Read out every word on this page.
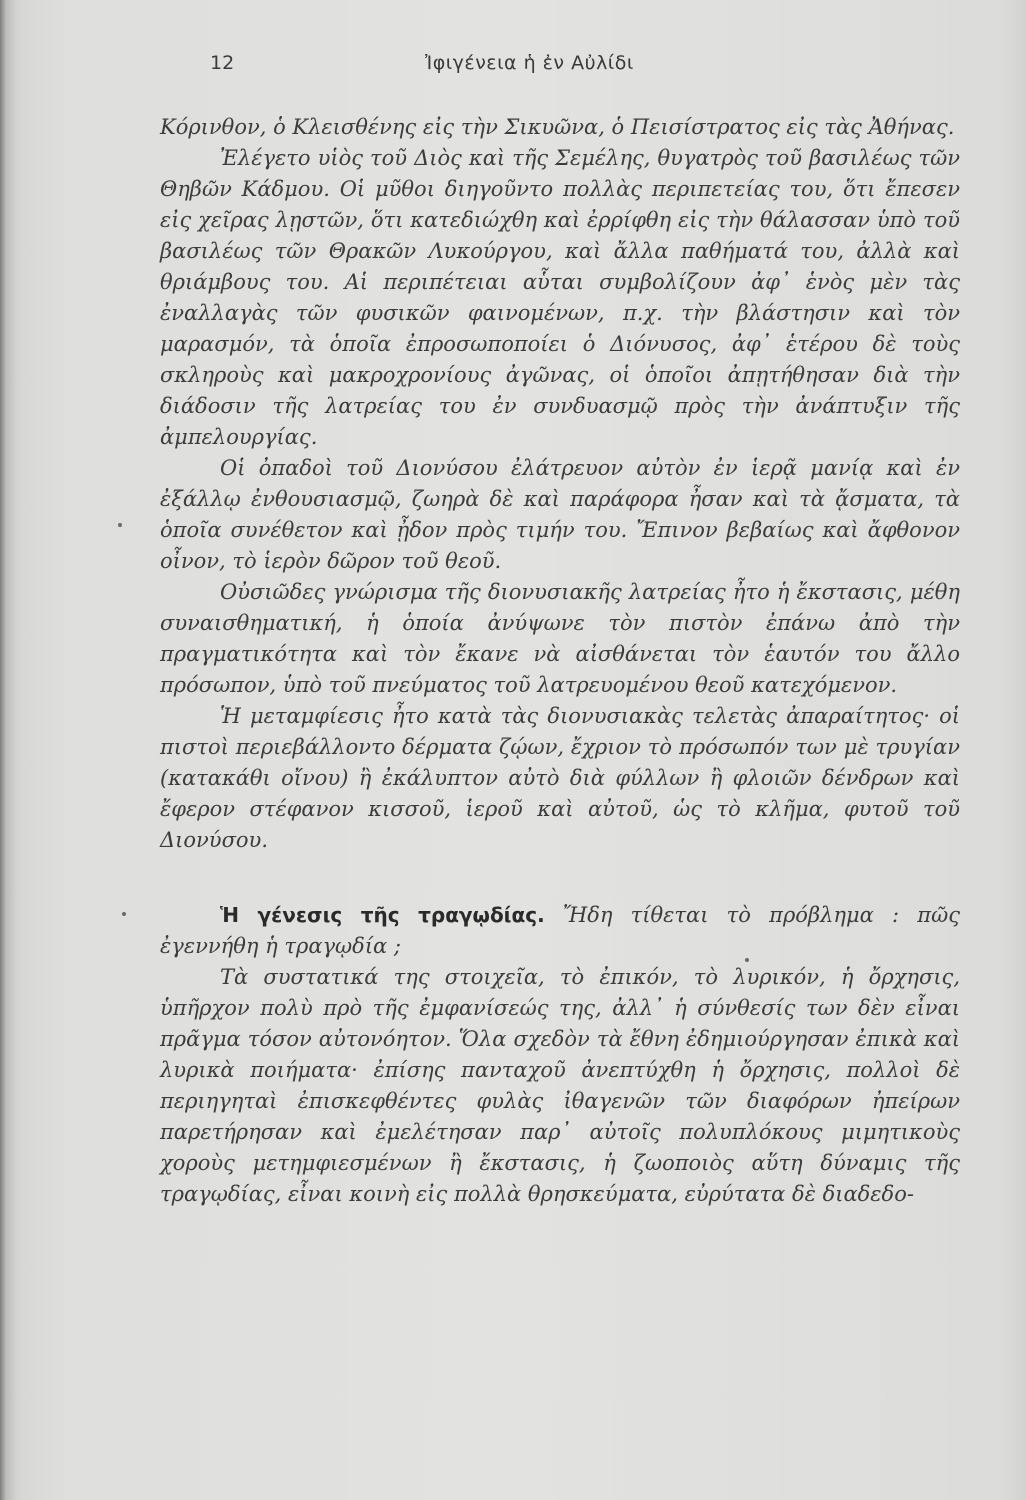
12	Ἰφιγένεια ἡ ἐν Αὐλίδι

Κόρινθον, ὁ Κλεισθένης εἰς τὴν Σικυῶνα, ὁ Πεισίστρατος εἰς τὰς Ἀθήνας.

Ἐλέγετο υἱὸς τοῦ Διὸς καὶ τῆς Σεμέλης, θυγατρὸς τοῦ βασιλέως τῶν Θηβῶν Κάδμου. Οἱ μῦθοι διηγοῦντο πολλὰς περιπετείας του, ὅτι ἔπεσεν εἰς χεῖρας λῃστῶν, ὅτι κατεδιώχθη καὶ ἐρρίφθη εἰς τὴν θάλασσαν ὑπὸ τοῦ βασιλέως τῶν Θρακῶν Λυκούργου, καὶ ἄλλα παθήματά του, ἀλλὰ καὶ θριάμβους του. Αἱ περιπέτειαι αὗται συμβολίζουν ἀφ᾽ ἑνὸς μὲν τὰς ἐναλλαγὰς τῶν φυσικῶν φαινομένων, π.χ. τὴν βλάστησιν καὶ τὸν μαρασμόν, τὰ ὁποῖα ἐπροσωποποίει ὁ Διόνυσος, ἀφ᾽ ἑτέρου δὲ τοὺς σκληροὺς καὶ μακροχρονίους ἀγῶνας, οἱ ὁποῖοι ἀπῃτήθησαν διὰ τὴν διάδοσιν τῆς λατρείας του ἐν συνδυασμῷ πρὸς τὴν ἀνάπτυξιν τῆς ἀμπελουργίας.

Οἱ ὀπαδοὶ τοῦ Διονύσου ἐλάτρευον αὐτὸν ἐν ἱερᾷ μανίᾳ καὶ ἐν ἐξάλλῳ ἐνθουσιασμῷ, ζωηρὰ δὲ καὶ παράφορα ἦσαν καὶ τὰ ᾄσματα, τὰ ὁποῖα συνέθετον καὶ ᾖδον πρὸς τιμήν του. Ἔπινον βεβαίως καὶ ἄφθονον οἶνον, τὸ ἱερὸν δῶρον τοῦ θεοῦ.

Οὐσιῶδες γνώρισμα τῆς διονυσιακῆς λατρείας ἦτο ἡ ἔκστασις, μέθη συναισθηματική, ἡ ὁποία ἀνύψωνε τὸν πιστὸν ἐπάνω ἀπὸ τὴν πραγματικότητα καὶ τὸν ἔκανε νὰ αἰσθάνεται τὸν ἑαυτόν του ἄλλο πρόσωπον, ὑπὸ τοῦ πνεύματος τοῦ λατρευομένου θεοῦ κατεχόμενον.

Ἡ μεταμφίεσις ἦτο κατὰ τὰς διονυσιακὰς τελετὰς ἀπαραίτητος· οἱ πιστοὶ περιεβάλλοντο δέρματα ζῴων, ἔχριον τὸ πρόσωπόν των μὲ τρυγίαν (κατακάθι οἴνου) ἢ ἐκάλυπτον αὐτὸ διὰ φύλλων ἢ φλοιῶν δένδρων καὶ ἔφερον στέφανον κισσοῦ, ἱεροῦ καὶ αὐτοῦ, ὡς τὸ κλῆμα, φυτοῦ τοῦ Διονύσου.

Ἡ γένεσις τῆς τραγῳδίας. Ἤδη τίθεται τὸ πρόβλημα : πῶς ἐγεννήθη ἡ τραγῳδία ;

Τὰ συστατικά της στοιχεῖα, τὸ ἐπικόν, τὸ λυρικόν, ἡ ὄρχησις, ὑπῆρχον πολὺ πρὸ τῆς ἐμφανίσεώς της, ἀλλ᾽ ἡ σύνθεσίς των δὲν εἶναι πρᾶγμα τόσον αὐτονόητον. Ὅλα σχεδὸν τὰ ἔθνη ἐδημιούργησαν ἐπικὰ καὶ λυρικὰ ποιήματα· ἐπίσης πανταχοῦ ἀνεπτύχθη ἡ ὄρχησις, πολλοὶ δὲ περιηγηταὶ ἐπισκεφθέντες φυλὰς ἰθαγενῶν τῶν διαφόρων ἠπείρων παρετήρησαν καὶ ἐμελέτησαν παρ᾽ αὐτοῖς πολυπλόκους μιμητικοὺς χοροὺς μετημφιεσμένων ἢ ἔκστασις, ἡ ζωοποιὸς αὕτη δύναμις τῆς τραγῳδίας, εἶναι κοινὴ εἰς πολλὰ θρησκεύματα, εὐρύτατα δὲ διαδεδο-
